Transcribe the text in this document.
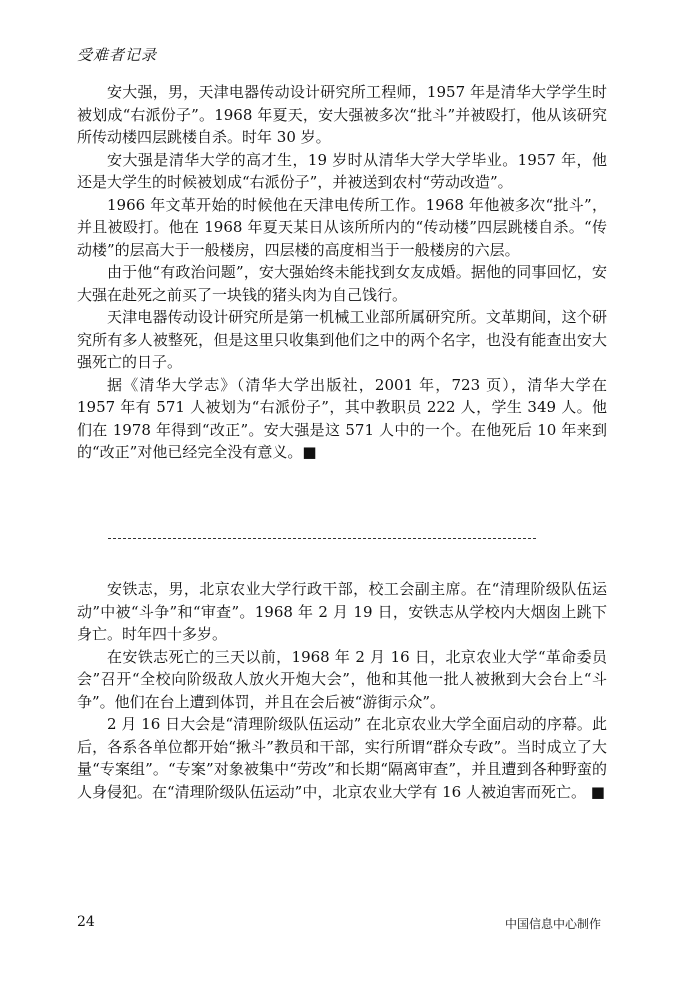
受难者记录

安大强，男，天津电器传动设计研究所工程师，1957 年是清华大学学生时被划成“右派份子”。1968 年夏天，安大强被多次“批斗”并被殴打，他从该研究所传动楼四层跳楼自杀。时年 30 岁。

安大强是清华大学的高才生，19 岁时从清华大学大学毕业。1957 年，他还是大学生的时候被划成“右派份子”，并被送到农村“劳动改造”。

1966 年文革开始的时候他在天津电传所工作。1968 年他被多次“批斗”，并且被殴打。他在 1968 年夏天某日从该所所内的“传动楼”四层跳楼自杀。“传动楼”的层高大于一般楼房，四层楼的高度相当于一般楼房的六层。

由于他“有政治问题”，安大强始终未能找到女友成婚。据他的同事回忆，安大强在赴死之前买了一块钱的猪头肉为自己饯行。

天津电器传动设计研究所是第一机械工业部所属研究所。文革期间，这个研究所有多人被整死，但是这里只收集到他们之中的两个名字，也没有能查出安大强死亡的日子。

据《清华大学志》（清华大学出版社，2001 年，723 页），清华大学在 1957 年有 571 人被划为“右派份子”，其中教职员 222 人，学生 349 人。他们在 1978 年得到“改正”。安大强是这 571 人中的一个。在他死后 10 年来到的“改正”对他已经完全没有意义。■

安铁志，男，北京农业大学行政干部，校工会副主席。在“清理阶级队伍运动”中被“斗争”和“审查”。1968 年 2 月 19 日，安铁志从学校内大烟囱上跳下身亡。时年四十多岁。

在安铁志死亡的三天以前，1968 年 2 月 16 日，北京农业大学“革命委员会”召开“全校向阶级敌人放火开炮大会”，他和其他一批人被揪到大会台上“斗争”。他们在台上遭到体罚，并且在会后被“游街示众”。

2 月 16 日大会是“清理阶级队伍运动” 在北京农业大学全面启动的序幕。此后，各系各单位都开始“揪斗”教员和干部，实行所谓“群众专政”。当时成立了大量“专案组”。“专案”对象被集中“劳改”和长期“隔离审查”，并且遭到各种野蛮的人身侵犯。在“清理阶级队伍运动”中，北京农业大学有 16 人被迫害而死亡。 ■

24	中国信息中心制作
